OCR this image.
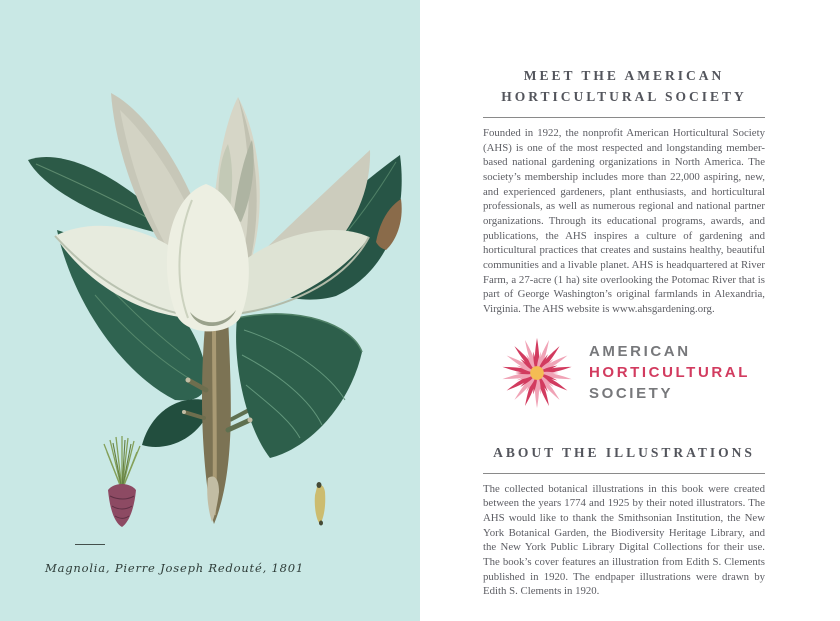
Magnolia, Pierre Joseph Redouté, 1801
MEET THE AMERICAN
HORTICULTURAL SOCIETY

Founded in 1922, the nonprofit American Horticultural Society (AHS) is one of the most respected and longstanding member-based national gardening organizations in North America. The society’s membership includes more than 22,000 aspiring, new, and experienced gardeners, plant enthusiasts, and horticultural professionals, as well as numerous regional and national partner organizations. Through its educational programs, awards, and publications, the AHS inspires a culture of gardening and horticultural practices that creates and sustains healthy, beautiful communities and a livable planet. AHS is headquartered at River Farm, a 27-acre (1 ha) site overlooking the Potomac River that is part of George Washington’s original farmlands in Alexandria, Virginia. The AHS website is www.ahsgardening.org.

AMERICAN
HORTICULTURAL
SOCIETY
ABOUT THE ILLUSTRATIONS

The collected botanical illustrations in this book were created between the years 1774 and 1925 by their noted illustrators. The AHS would like to thank the Smithsonian Institution, the New York Botanical Garden, the Biodiversity Heritage Library, and the New York Public Library Digital Collections for their use. The book’s cover features an illustration from Edith S. Clements published in 1920. The endpaper illustrations were drawn by Edith S. Clements in 1920.
